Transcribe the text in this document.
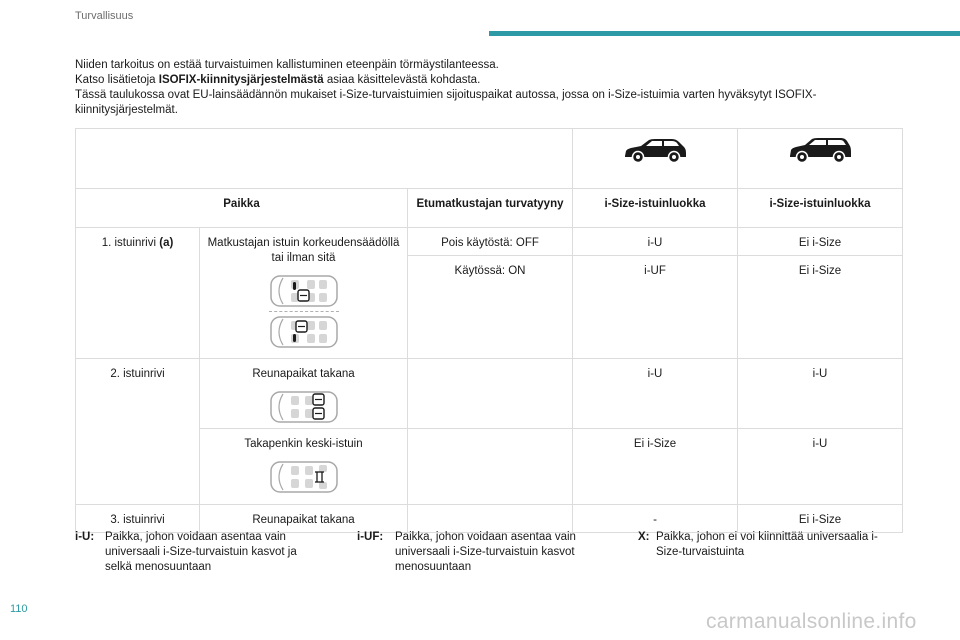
Turvallisuus
Niiden tarkoitus on estää turvaistuimen kallistuminen eteenpäin törmäystilanteessa.
Katso lisätietoja ISOFIX-kiinnitysjärjestelmästä asiaa käsittelevästä kohdasta.
Tässä taulukossa ovat EU-lainsäädännön mukaiset i-Size-turvaistuimien sijoituspaikat autossa, jossa on i-Size-istuimia varten hyväksytyt ISOFIX-kiinnitysjärjestelmät.

Paikka		Etumatkustajan turvatyyny	i-Size-istuinluokka	i-Size-istuinluokka
1. istuinrivi (a)	Matkustajan istuin korkeudensäädöllä tai ilman sitä	Pois käytöstä: OFF	i-U	Ei i-Size
		Käytössä: ON	i-UF	Ei i-Size
2. istuinrivi	Reunapaikat takana		i-U	i-U

	Takapenkin keski-istuin		Ei i-Size	i-U
3. istuinrivi	Reunapaikat takana		-	Ei i-Size
i-U: Paikka, johon voidaan asentaa vain universaali i-Size-turvaistuin kasvot ja selkä menosuuntaan
i-UF: Paikka, johon voidaan asentaa vain universaali i-Size-turvaistuin kasvot menosuuntaan
X: Paikka, johon ei voi kiinnittää universaalia i-Size-turvaistuinta
110
carmanualsonline.info
